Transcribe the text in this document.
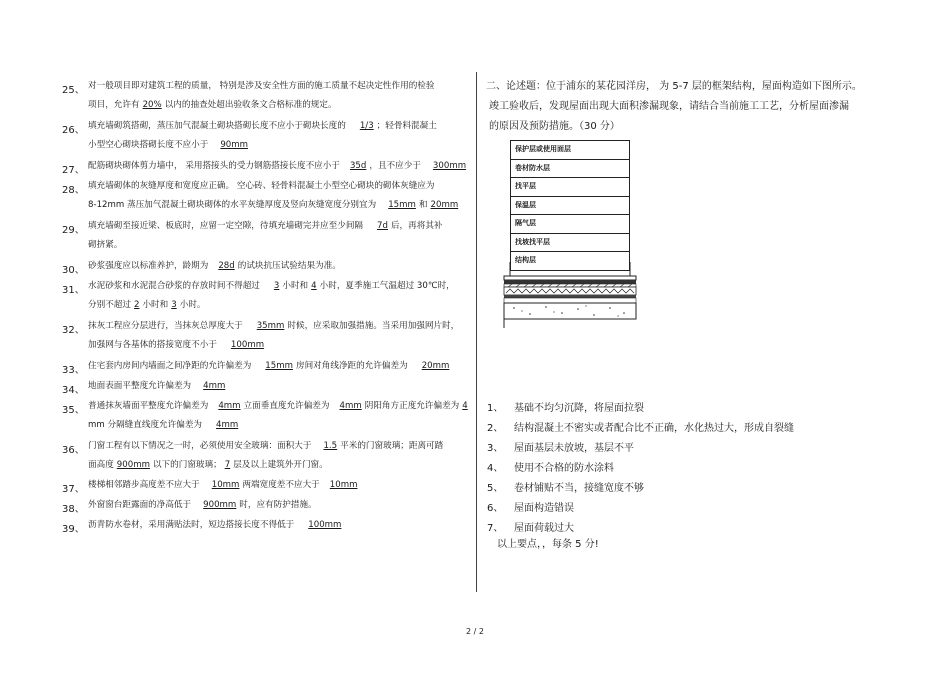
25、 对一般项目即对建筑工程的质量， 特别是涉及安全性方面的施工质量不起决定性作用的检验
项目，允许有 20% 以内的抽查处超出验收条文合格标准的规定。
26、 填充墙砌筑搭砌，蒸压加气混凝土砌块搭砌长度不应小于砌块长度的 1/3 ；轻骨料混凝土
小型空心砌块搭砌长度不应小于 90mm
27、 配筋砌块砌体剪力墙中， 采用搭接头的受力钢筋搭接长度不应小于 35d ，且不应少于 300mm
28、 填充墙砌体的灰缝厚度和宽度应正确。 空心砖、轻骨料混凝土小型空心砌块的砌体灰缝应为
8-12mm 蒸压加气混凝土砌块砌体的水平灰缝厚度及竖向灰缝宽度分别宜为 15mm 和 20mm
29、 填充墙砌至接近梁、板底时，应留一定空隙，待填充墙砌完并应至少间隔 7d 后，再将其补
砌挤紧。
30、 砂浆强度应以标准养护，龄期为 28d 的试块抗压试验结果为准。
31、 水泥砂浆和水泥混合砂浆的存放时间不得超过 3 小时和 4 小时，夏季施工气温超过 30℃时，
分别不超过 2 小时和 3 小时。
32、 抹灰工程应分层进行，当抹灰总厚度大于 35mm 时候，应采取加强措施。当采用加强网片时，
加强网与各基体的搭接宽度不小于 100mm
33、 住宅套内房间内墙面之间净距的允许偏差为 15mm 房间对角线净距的允许偏差为 20mm
34、 地面表面平整度允许偏差为 4mm
35、 普通抹灰墙面平整度允许偏差为 4mm 立面垂直度允许偏差为 4mm 阴阳角方正度允许偏差为 4
mm 分隔缝直线度允许偏差为 4mm
36、 门窗工程有以下情况之一时，必须使用安全玻璃：面积大于 1.5 平米的门窗玻璃；距离可踏
面高度 900mm 以下的门窗玻璃； 7 层及以上建筑外开门窗。
37、 楼梯相邻踏步高度差不应大于 10mm 两端宽度差不应大于 10mm
38、 外窗窗台距露面的净高低于 900mm 时，应有防护措施。
39、 沥青防水卷材，采用满贴法时，短边搭接长度不得低于 100mm
二、论述题：位于浦东的某花园洋房， 为 5-7 层的框架结构，屋面构造如下图所示。
竣工验收后，发现屋面出现大面积渗漏现象，请结合当前施工工艺，分析屋面渗漏
的原因及预防措施。（30 分）
保护层或使用面层
卷材防水层
找平层
保温层
隔气层
找坡找平层
结构层
1、 基础不均匀沉降，将屋面拉裂
2、 结构混凝土不密实或者配合比不正确，水化热过大，形成自裂缝
3、 屋面基层未放坡，基层不平
4、 使用不合格的防水涂料
5、 卷材铺贴不当，接缝宽度不够
6、 屋面构造错误
7、 屋面荷载过大
以上要点，，每条 5 分!
2 / 2
